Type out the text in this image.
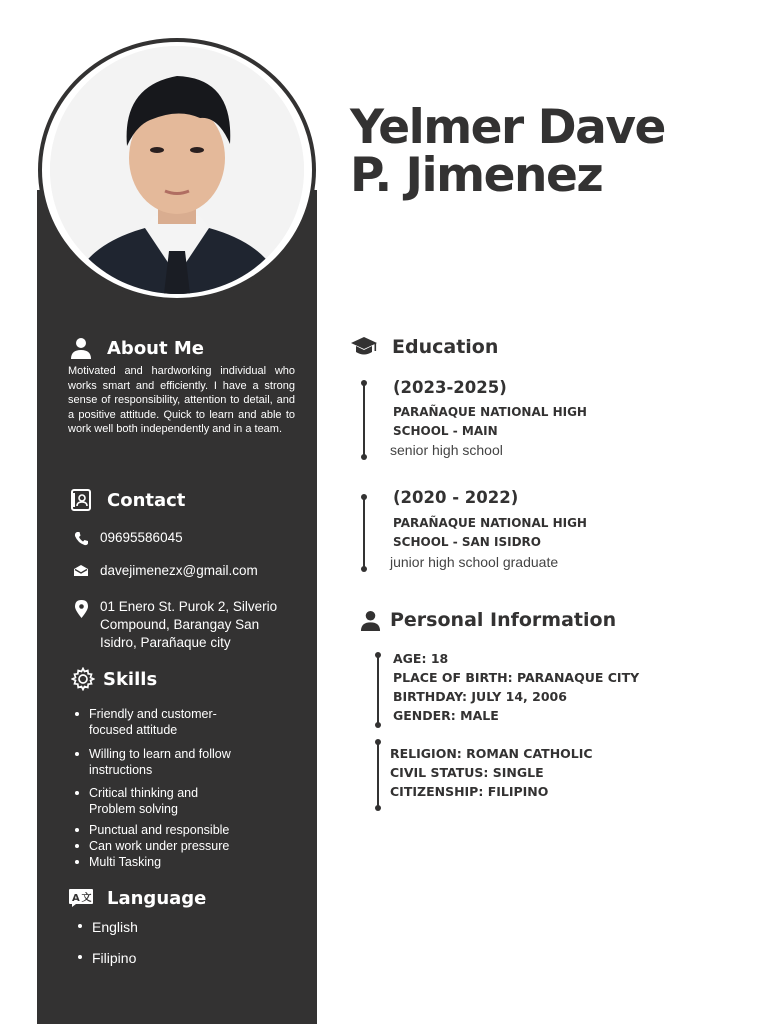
Yelmer Dave
P. Jimenez
About Me

Motivated and hardworking individual who works smart and efficiently. I have a strong sense of responsibility, attention to detail, and a positive attitude. Quick to learn and able to work well both independently and in a team.

Contact
09695586045
davejimenezx@gmail.com
01 Enero St. Purok 2, Silverio
Compound, Barangay San
Isidro, Parañaque city
Skills
Friendly and customer-
focused attitude
Willing to learn and follow
instructions
Critical thinking and
Problem solving
Punctual and responsible
Can work under pressure
Multi Tasking
A 文 Language
English
Filipino
Education
(2023-2025)
PARAÑAQUE NATIONAL HIGH
SCHOOL - MAIN
senior high school
(2020 - 2022)
PARAÑAQUE NATIONAL HIGH
SCHOOL - SAN ISIDRO
junior high school graduate
Personal Information
AGE: 18
PLACE OF BIRTH: PARANAQUE CITY
BIRTHDAY: JULY 14, 2006
GENDER: MALE
RELIGION: ROMAN CATHOLIC
CIVIL STATUS: SINGLE
CITIZENSHIP: FILIPINO
